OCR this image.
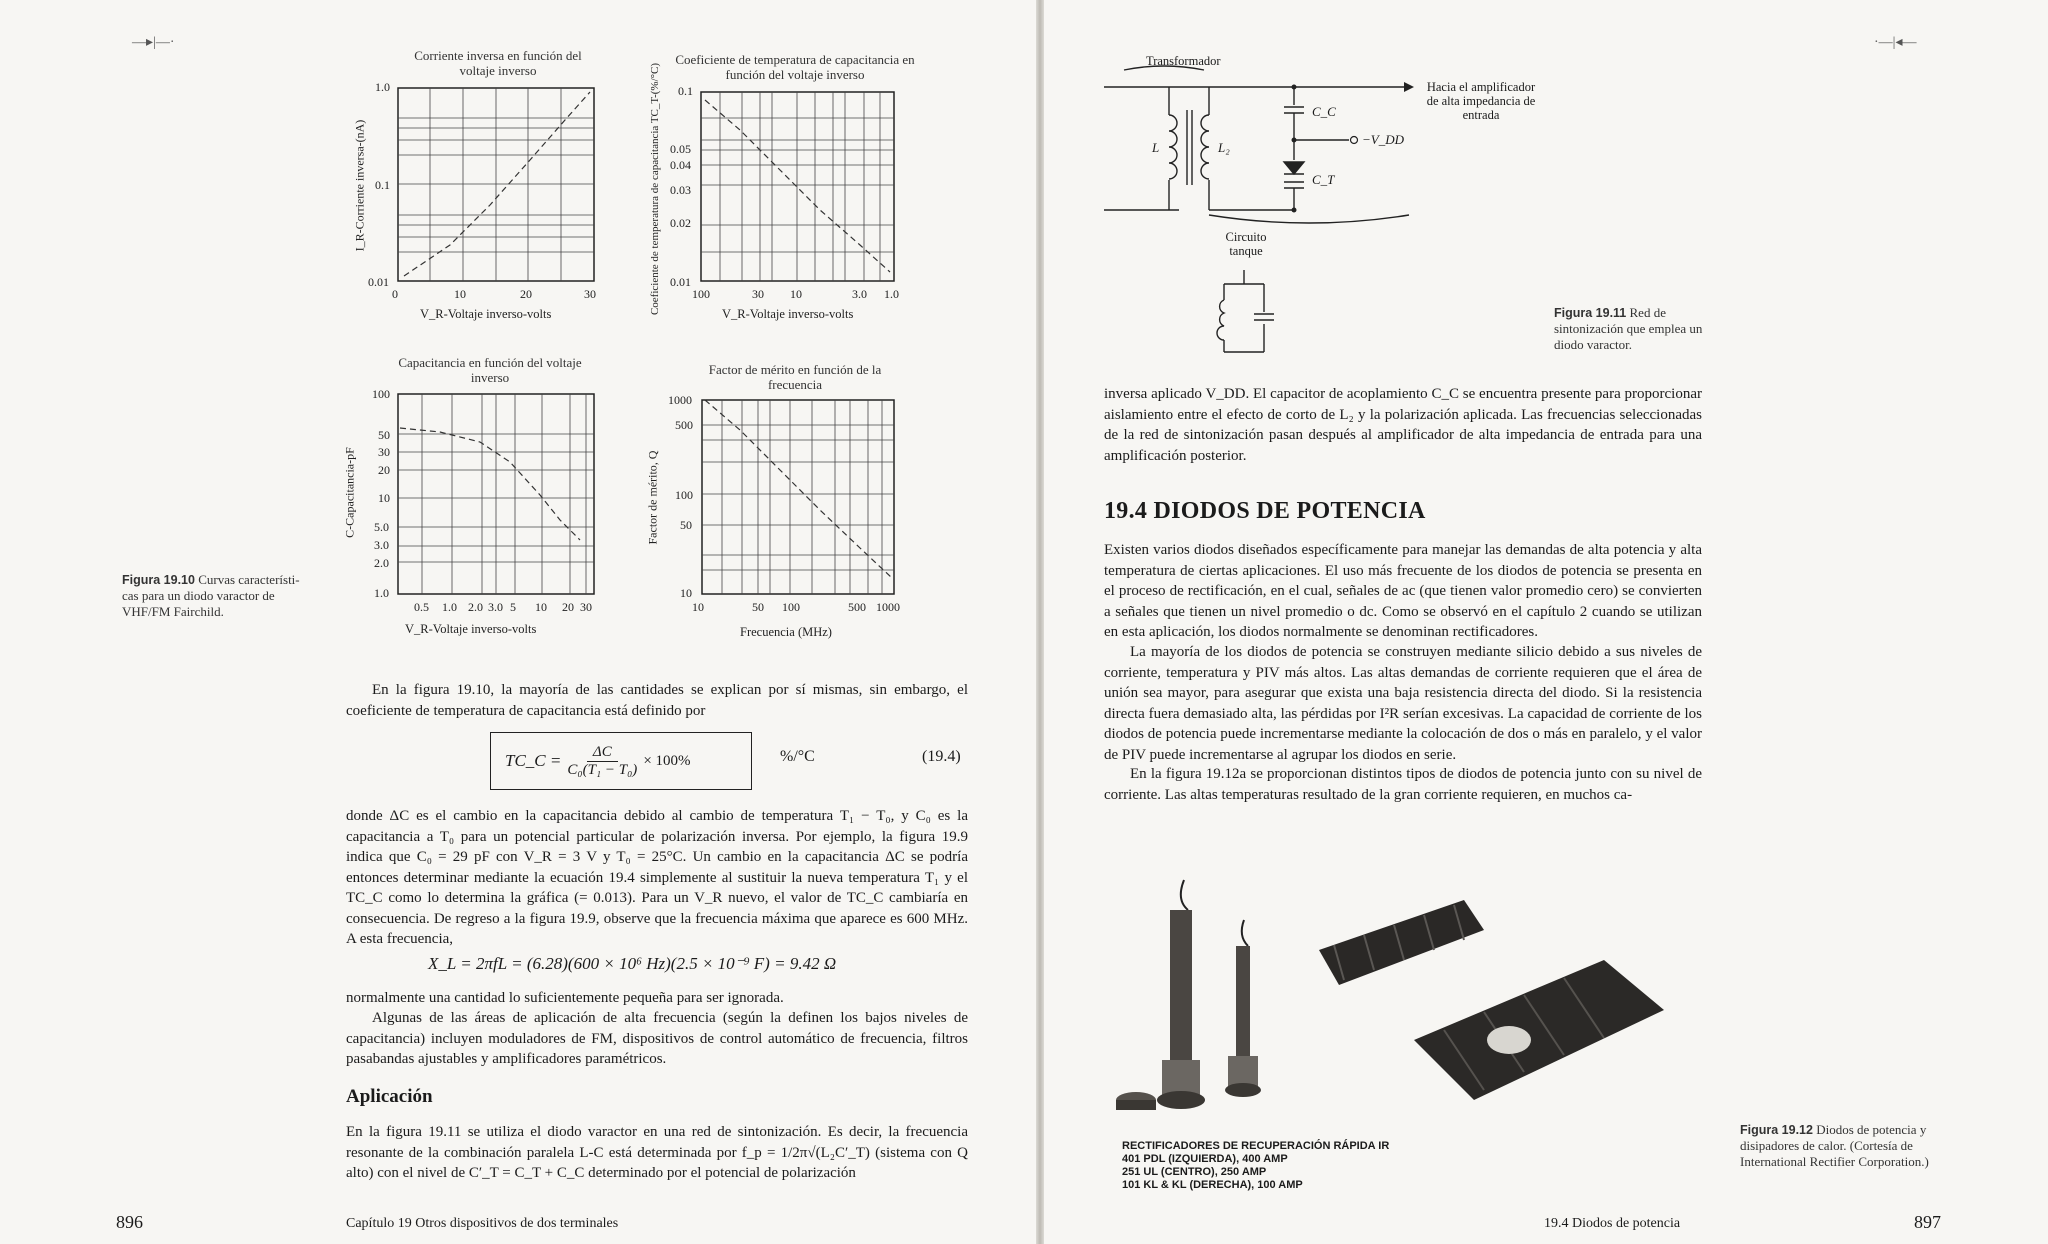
—▸|—·
Corriente inversa en función del voltaje inverso
1.0
0.1
0.01
0	10	20	30
V_R-Voltaje inverso-volts
I_R-Corriente inversa-(nA)
Coeficiente de temperatura de capacitancia en función del voltaje inverso
0.1
0.05
0.04
0.03
0.02
0.01
100	30 10	3.0 1.0
V_R-Voltaje inverso-volts
Coeficiente de temperatura de capacitancia TC_T-(%/°C)
Capacitancia en función del voltaje inverso
100
50
30
20
10
5.0
3.0
2.0
1.0
0.5 1.0 2.0 3.0 5 10 20 30
V_R-Voltaje inverso-volts
C-Capacitancia-pF
Factor de mérito en función de la frecuencia
1000
500
100
50
10
10	50 100	500 1000
Frecuencia (MHz)
Factor de mérito, Q
Figura 19.10 Curvas característi-cas para un diodo varactor de VHF/FM Fairchild.
En la figura 19.10, la mayoría de las cantidades se explican por sí mismas, sin embargo, el coeficiente de temperatura de capacitancia está definido por
TC_C = $\frac{\Delta C}{\text{C₀(T₁ − T₀)}} \times 100\%$	%/°C	(19.4)
donde ΔC es el cambio en la capacitancia debido al cambio de temperatura T₁ − T₀, y C₀ es la capacitancia a T₀ para un potencial particular de polarización inversa. Por ejemplo, la figura 19.9 indica que C₀ = 29 pF con V_R = 3 V y T₀ = 25°C. Un cambio en la capacitancia ΔC se podría entonces determinar mediante la ecuación 19.4 simplemente al sustituir la nueva temperatura T₁ y el TC_C como lo determina la gráfica (= 0.013). Para un V_R nuevo, el valor de TC_C cambiaría en consecuencia. De regreso a la figura 19.9, observe que la frecuencia máxima que aparece es 600 MHz. A esta frecuencia,
X_L = 2πfL = (6.28)(600 × 10⁶ Hz)(2.5 × 10⁻⁹ F) = 9.42 Ω
normalmente una cantidad lo suficientemente pequeña para ser ignorada.
Algunas de las áreas de aplicación de alta frecuencia (según la definen los bajos niveles de capacitancia) incluyen moduladores de FM, dispositivos de control automático de frecuencia, filtros pasabandas ajustables y amplificadores paramétricos.
Aplicación
En la figura 19.11 se utiliza el diodo varactor en una red de sintonización. Es decir, la frecuencia resonante de la combinación paralela L-C está determinada por f_p = 1/2π√(L₂C′_T) (sistema con Q alto) con el nivel de C′_T = C_T + C_C determinado por el potencial de polarización
896	Capítulo 19 Otros dispositivos de dos terminales
·—|◂—
Transformador
Hacia el amplificador de alta impedancia de entrada
C_C
−V_DD
L	L₂
C_T
Circuito tanque
Figura 19.11 Red de sintonización que emplea un diodo varactor.
inversa aplicado V_DD. El capacitor de acoplamiento C_C se encuentra presente para proporcionar aislamiento entre el efecto de corto de L₂ y la polarización aplicada. Las frecuencias seleccionadas de la red de sintonización pasan después al amplificador de alta impedancia de entrada para una amplificación posterior.
19.4 DIODOS DE POTENCIA
Existen varios diodos diseñados específicamente para manejar las demandas de alta potencia y alta temperatura de ciertas aplicaciones. El uso más frecuente de los diodos de potencia se presenta en el proceso de rectificación, en el cual, señales de ac (que tienen valor promedio cero) se convierten a señales que tienen un nivel promedio o dc. Como se observó en el capítulo 2 cuando se utilizan en esta aplicación, los diodos normalmente se denominan rectificadores.
La mayoría de los diodos de potencia se construyen mediante silicio debido a sus niveles de corriente, temperatura y PIV más altos. Las altas demandas de corriente requieren que el área de unión sea mayor, para asegurar que exista una baja resistencia directa del diodo. Si la resistencia directa fuera demasiado alta, las pérdidas por I²R serían excesivas. La capacidad de corriente de los diodos de potencia puede incrementarse mediante la colocación de dos o más en paralelo, y el valor de PIV puede incrementarse al agrupar los diodos en serie.
En la figura 19.12a se proporcionan distintos tipos de diodos de potencia junto con su nivel de corriente. Las altas temperaturas resultado de la gran corriente requieren, en muchos ca-
RECTIFICADORES DE RECUPERACIÓN RÁPIDA IR
401 PDL (IZQUIERDA), 400 AMP
251 UL (CENTRO), 250 AMP
101 KL & KL (DERECHA), 100 AMP
Figura 19.12 Diodos de potencia y disipadores de calor. (Cortesía de International Rectifier Corporation.)
19.4 Diodos de potencia	897
